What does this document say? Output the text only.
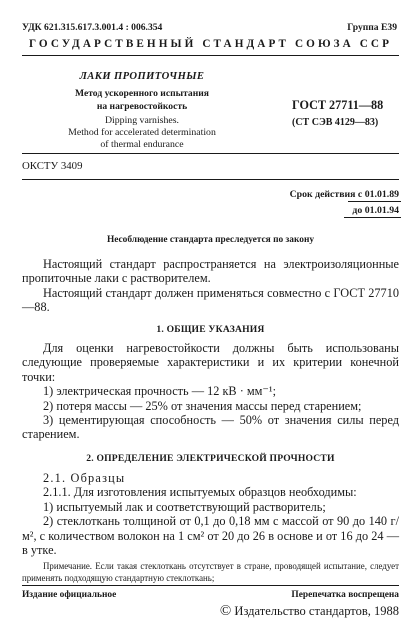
УДК 621.315.617.3.001.4 : 006.354	Группа Е39
ГОСУДАРСТВЕННЫЙ СТАНДАРТ СОЮЗА ССР
ЛАКИ ПРОПИТОЧНЫЕ
Метод ускоренного испытания
на нагревостойкость
Dipping varnishes.
Method for accelerated determination
of thermal endurance
ГОСТ 27711—88
(СТ СЭВ 4129—83)
ОКСТУ 3409
Срок действия с 01.01.89
до 01.01.94
Несоблюдение стандарта преследуется по закону

Настоящий стандарт распространяется на электроизоляционные пропиточные лаки с растворителем.

Настоящий стандарт должен применяться совместно с ГОСТ 27710—88.

1. ОБЩИЕ УКАЗАНИЯ

Для оценки нагревостойкости должны быть использованы следующие проверяемые характеристики и их критерии конечной точки:

1) электрическая прочность — 12 кВ · мм⁻¹;

2) потеря массы — 25% от значения массы перед старением;

3) цементирующая способность — 50% от значения силы перед старением.

2. ОПРЕДЕЛЕНИЕ ЭЛЕКТРИЧЕСКОЙ ПРОЧНОСТИ

2.1. Образцы

2.1.1. Для изготовления испытуемых образцов необходимы:

1) испытуемый лак и соответствующий растворитель;

2) стеклоткань толщиной от 0,1 до 0,18 мм с массой от 90 до 140 г/м², с количеством волокон на 1 см² от 20 до 26 в основе и от 16 до 24 — в утке.

Примечание. Если такая стеклоткань отсутствует в стране, проводящей испытание, следует применять подходящую стандартную стеклоткань;

Издание официальное	Перепечатка воспрещена
© Издательство стандартов, 1988
